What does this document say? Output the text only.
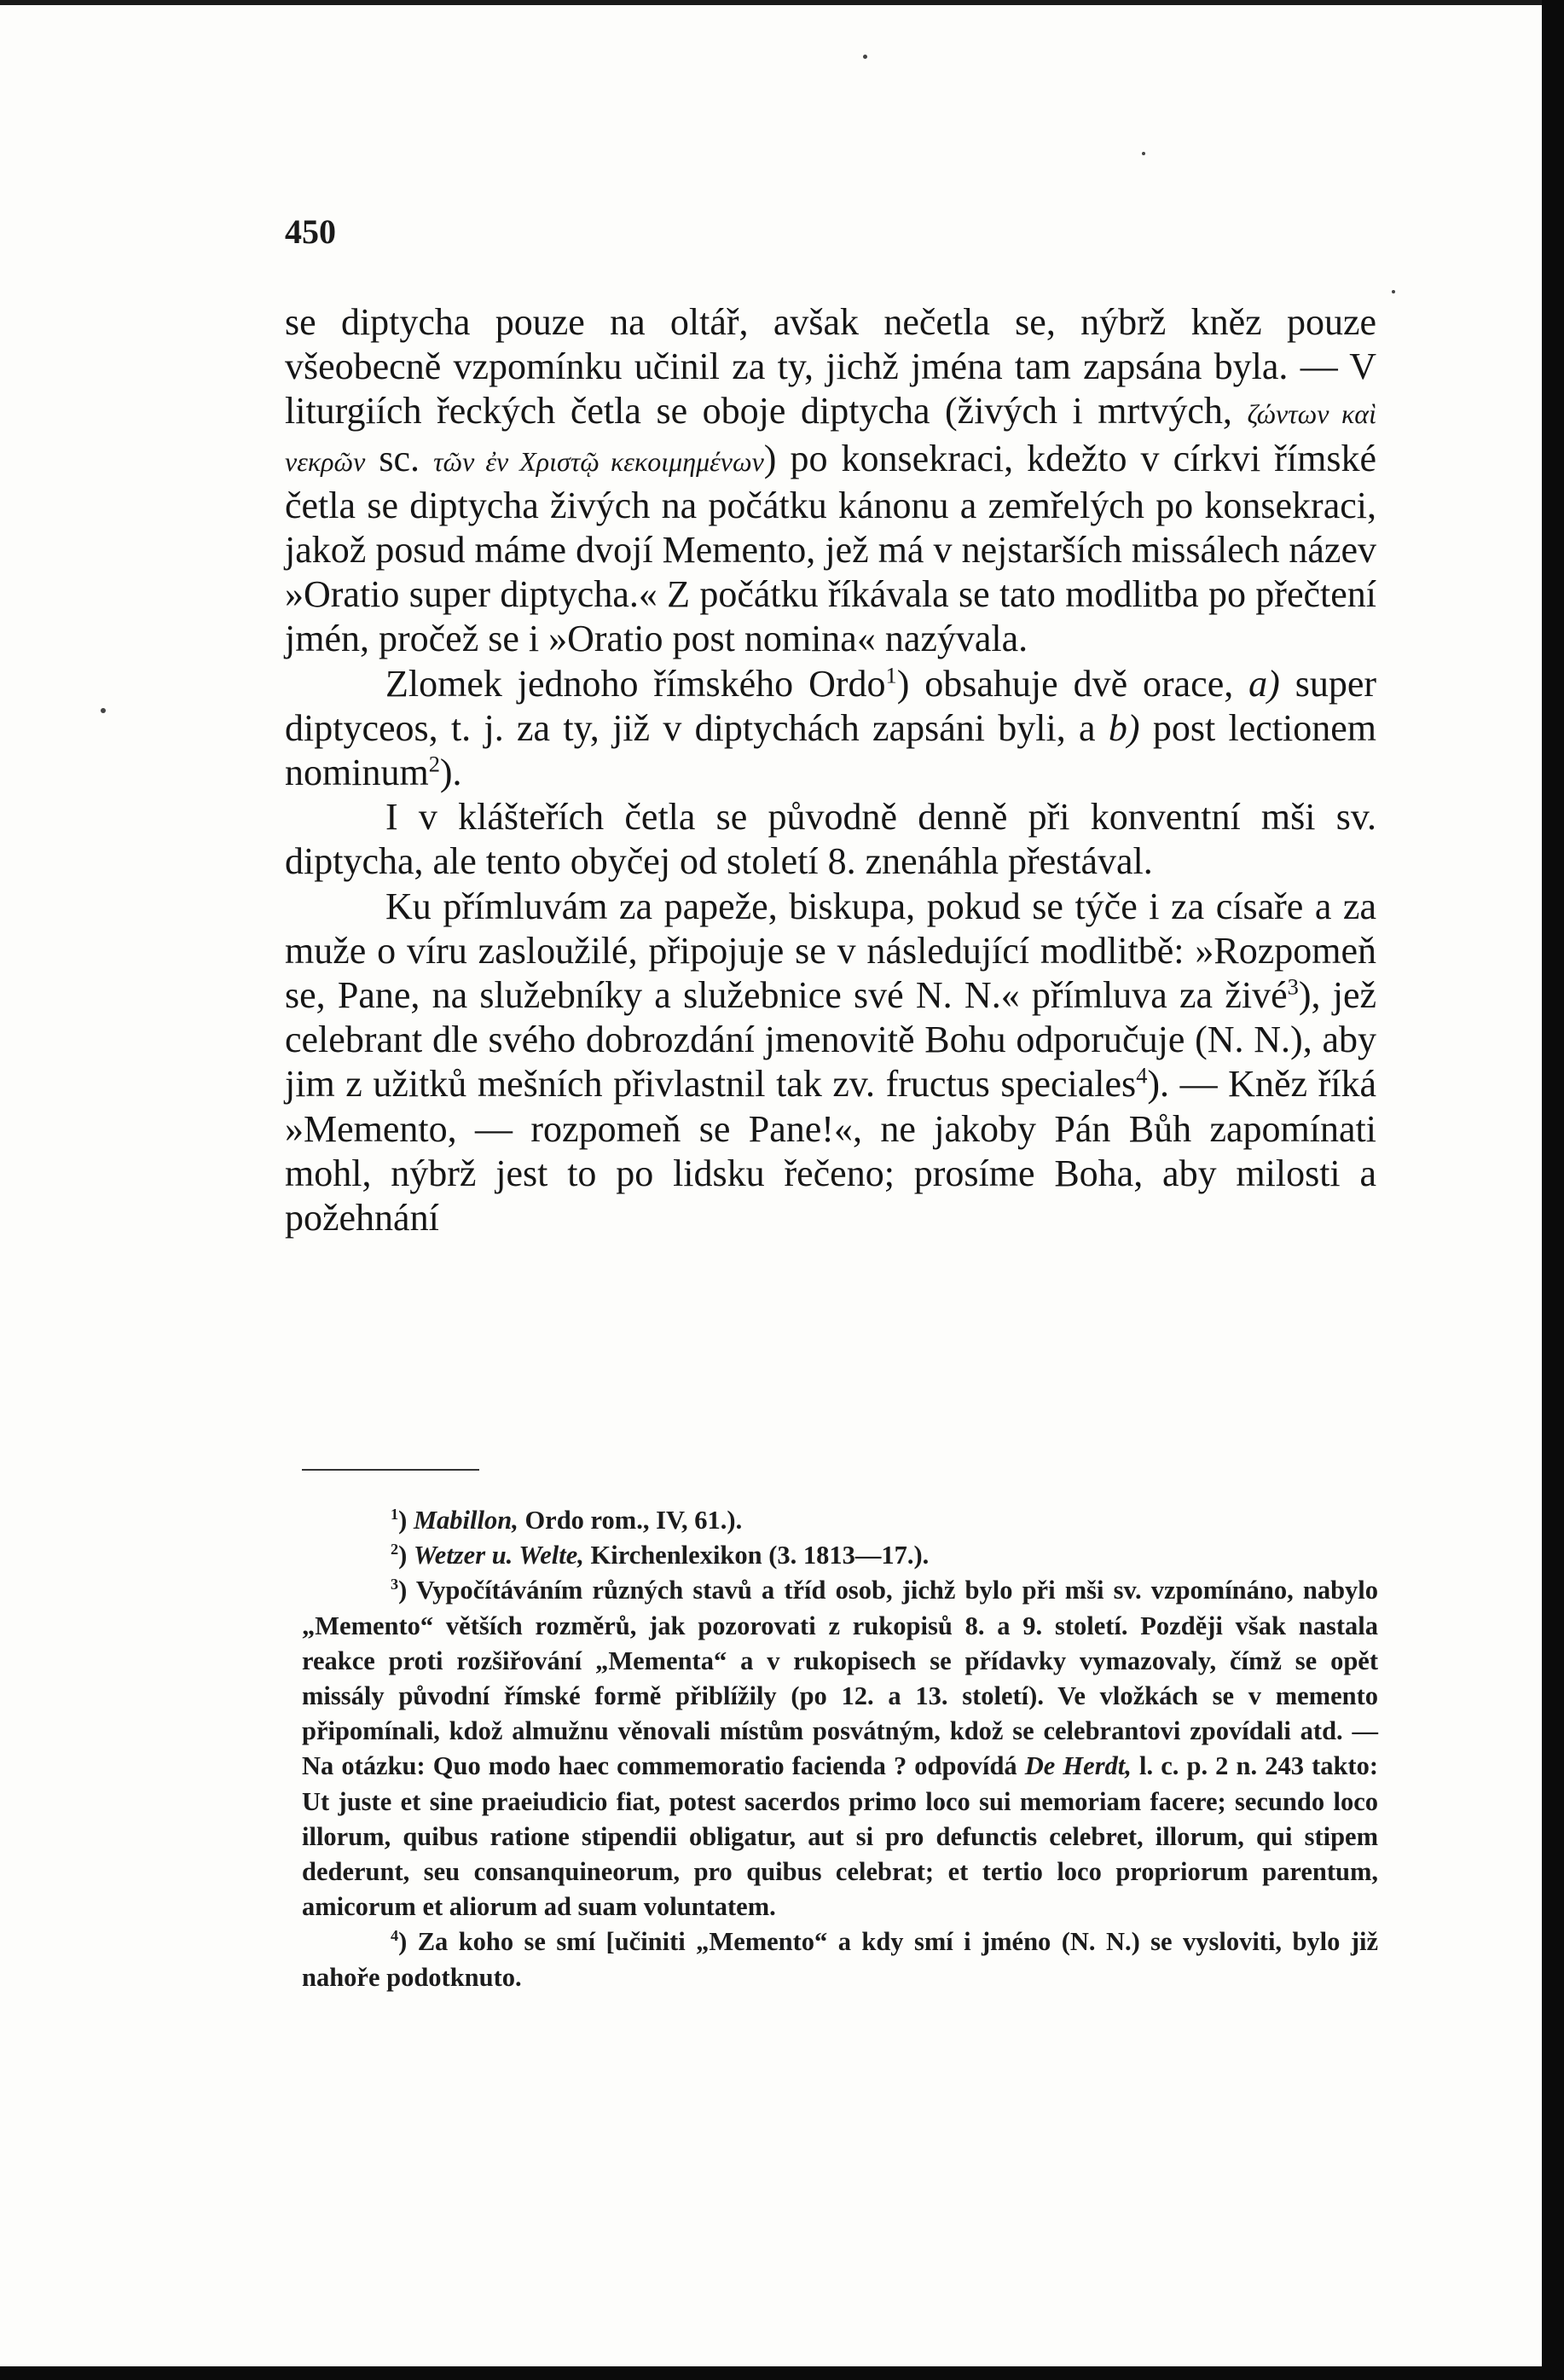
450

se diptycha pouze na oltář, avšak nečetla se, nýbrž kněz pouze všeobecně vzpomínku učinil za ty, jichž jména tam zapsána byla. — V liturgiích řeckých četla se oboje diptycha (živých i mrtvých, ζώντων καὶ νεκρῶν sc. τῶν ἐν Χριστῷ κεκοιμημένων) po konsekraci, kdežto v církvi římské četla se diptycha živých na počátku kánonu a zemřelých po konsekraci, jakož posud máme dvojí Memento, jež má v nejstarších missálech název »Oratio super diptycha.« Z počátku říkávala se tato modlitba po přečtení jmén, pročež se i »Oratio post nomina« nazývala.

Zlomek jednoho římského Ordo$^1$) obsahuje dvě orace, a) super diptyceos, t. j. za ty, již v diptychách zapsáni byli, a b) post lectionem nominum$^2$).

I v klášteřích četla se původně denně při konventní mši sv. diptycha, ale tento obyčej od století 8. znenáhla přestával.

Ku přímluvám za papeže, biskupa, pokud se týče i za císaře a za muže o víru zasloužilé, připojuje se v následující modlitbě: »Rozpomeň se, Pane, na služebníky a služebnice své N. N.« přímluva za živé$^3$), jež celebrant dle svého dobrozdání jmenovitě Bohu odporučuje (N. N.), aby jim z užitků mešních přivlastnil tak zv. fructus speciales$^4$). — Kněz říká »Memento, — rozpomeň se Pane!«, ne jakoby Pán Bůh zapomínati mohl, nýbrž jest to po lidsku řečeno; prosíme Boha, aby milosti a požehnání

$^1$) Mabillon, Ordo rom., IV, 61.).

$^2$) Wetzer u. Welte, Kirchenlexikon (3. 1813—17.).

$^3$) Vypočítáváním různých stavů a tříd osob, jichž bylo při mši sv. vzpomínáno, nabylo „Memento“ větších rozměrů, jak pozorovati z rukopisů 8. a 9. století. Později však nastala reakce proti rozšiřování „Mementa“ a v rukopisech se přídavky vymazovaly, čímž se opět missály původní římské formě přiblížily (po 12. a 13. století). Ve vložkách se v memento připomínali, kdož almužnu věnovali místům posvátným, kdož se celebrantovi zpovídali atd. — Na otázku: Quo modo haec commemoratio facienda ? odpovídá De Herdt, l. c. p. 2 n. 243 takto: Ut juste et sine praeiudicio fiat, potest sacerdos primo loco sui memoriam facere; secundo loco illorum, quibus ratione stipendii obligatur, aut si pro defunctis celebret, illorum, qui stipem dederunt, seu consanquineorum, pro quibus celebrat; et tertio loco propriorum parentum, amicorum et aliorum ad suam voluntatem.

$^4$) Za koho se smí [učiniti „Memento“ a kdy smí i jméno (N. N.) se vysloviti, bylo již nahoře podotknuto.
